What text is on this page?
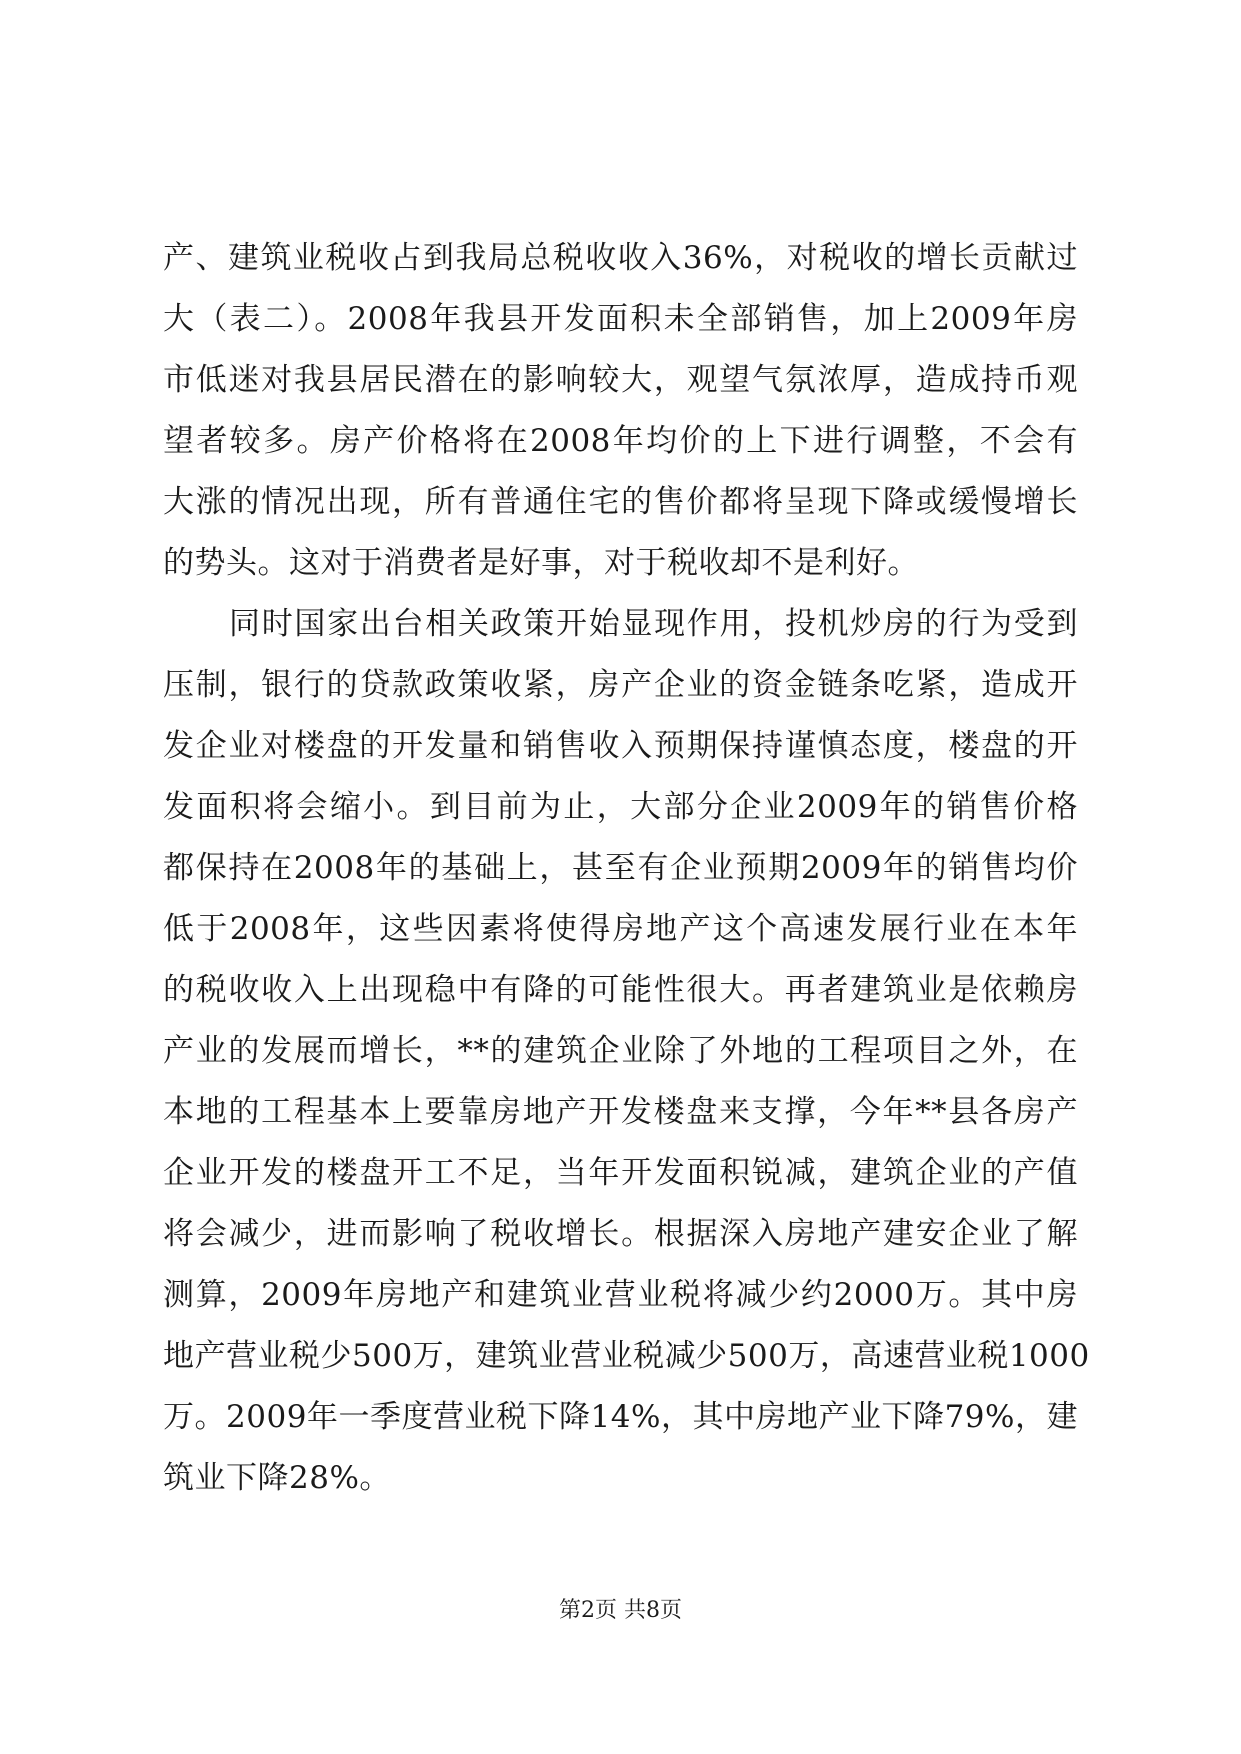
产、建筑业税收占到我局总税收收入36%，对税收的增长贡献过
大（表二）。2008年我县开发面积未全部销售，加上2009年房
市低迷对我县居民潜在的影响较大，观望气氛浓厚，造成持币观
望者较多。房产价格将在2008年均价的上下进行调整，不会有
大涨的情况出现，所有普通住宅的售价都将呈现下降或缓慢增长
的势头。这对于消费者是好事，对于税收却不是利好。
同时国家出台相关政策开始显现作用，投机炒房的行为受到
压制，银行的贷款政策收紧，房产企业的资金链条吃紧，造成开
发企业对楼盘的开发量和销售收入预期保持谨慎态度，楼盘的开
发面积将会缩小。到目前为止，大部分企业2009年的销售价格
都保持在2008年的基础上，甚至有企业预期2009年的销售均价
低于2008年，这些因素将使得房地产这个高速发展行业在本年
的税收收入上出现稳中有降的可能性很大。再者建筑业是依赖房
产业的发展而增长，**的建筑企业除了外地的工程项目之外，在
本地的工程基本上要靠房地产开发楼盘来支撑，今年**县各房产
企业开发的楼盘开工不足，当年开发面积锐减，建筑企业的产值
将会减少，进而影响了税收增长。根据深入房地产建安企业了解
测算，2009年房地产和建筑业营业税将减少约2000万。其中房
地产营业税少500万，建筑业营业税减少500万，高速营业税1000
万。2009年一季度营业税下降14%，其中房地产业下降79%，建
筑业下降28%。
第2页 共8页
